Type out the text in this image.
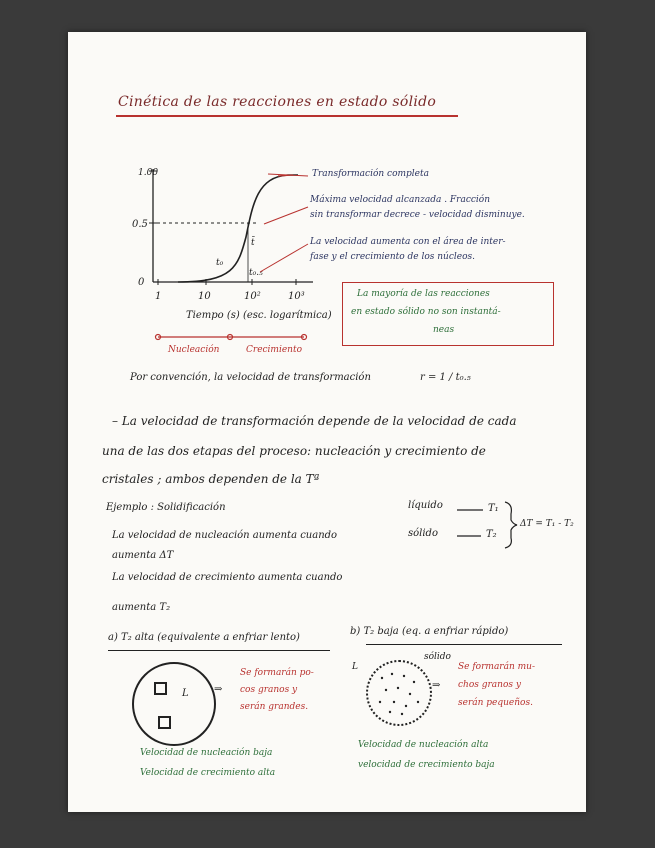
Cinética de las reacciones en estado sólido
1.00
0.5
0
1	10	10²	10³
t̄
t₀
t₀.₅
Tiempo (s) (esc. logarítmica)
Nucleación	Crecimiento
Transformación completa
Máxima velocidad alcanzada . Fracción
sin transformar decrece - velocidad disminuye.
La velocidad aumenta con el área de inter-
fase y el crecimiento de los núcleos.
La mayoría de las reacciones
en estado sólido no son instantá-
neas
Por convención, la velocidad de transformación	r = 1 / t₀.₅
– La velocidad de transformación depende de la velocidad de cada
una de las dos etapas del proceso: nucleación y crecimiento de
cristales ; ambos dependen de la Tª
Ejemplo : Solidificación	líquido
sólido
T₁
T₂
ΔT = T₁ - T₂
La velocidad de nucleación aumenta cuando
aumenta ΔT
La velocidad de crecimiento aumenta cuando
aumenta T₂
a) T₂ alta (equivalente a enfriar lento)
L	⇒
Se formarán po-
cos granos y
serán grandes.
Velocidad de nucleación baja
Velocidad de crecimiento alta
b) T₂ baja (eq. a enfriar rápido)
sólido
L
⇒
Se formarán mu-
chos granos y
serán pequeños.
Velocidad de nucleación alta
velocidad de crecimiento baja
